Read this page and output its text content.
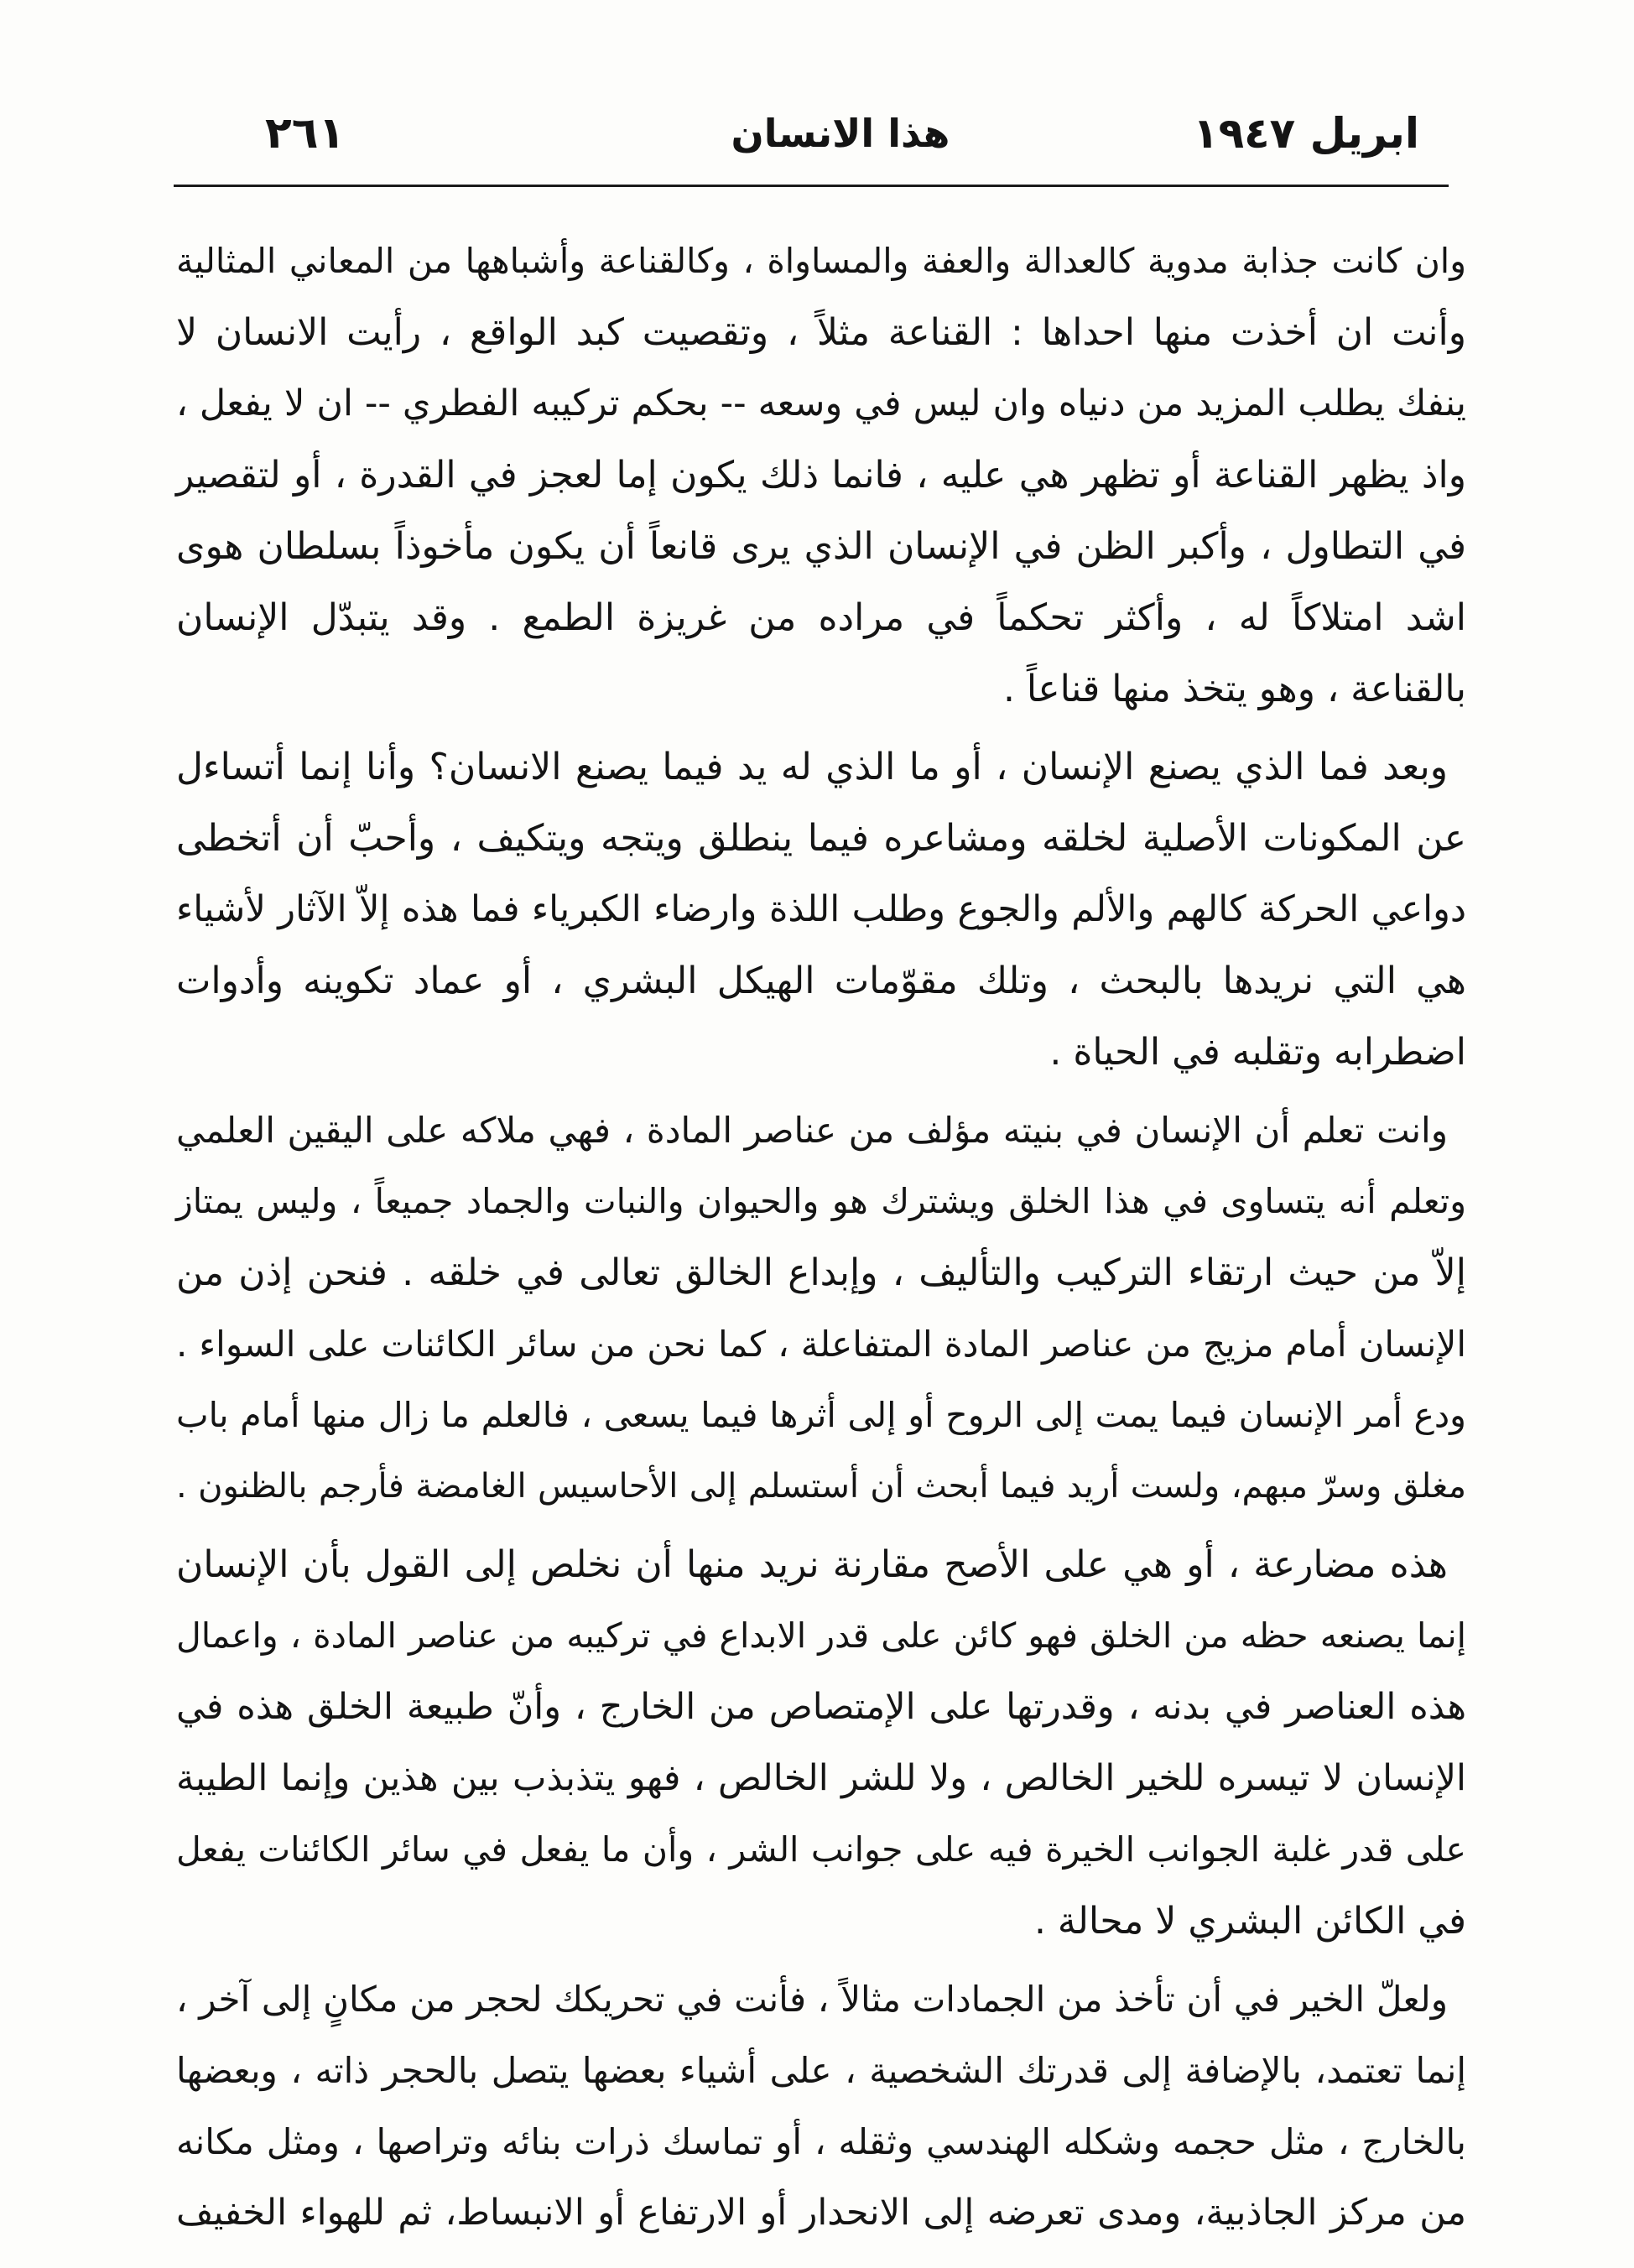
ابريل ١٩٤٧
هذا الانسان
٢٦١
وان كانت جذابة مدوية كالعدالة والعفة والمساواة ، وكالقناعة وأشباهها من المعاني المثالية
وأنت ان أخذت منها احداها : القناعة مثلاً ، وتقصيت كبد الواقع ، رأيت الانسان لا
ينفك يطلب المزيد من دنياه وان ليس في وسعه -- بحكم تركيبه الفطري -- ان لا يفعل ،
واذ يظهر القناعة أو تظهر هي عليه ، فانما ذلك يكون إما لعجز في القدرة ، أو لتقصير
في التطاول ، وأكبر الظن في الإنسان الذي يرى قانعاً أن يكون مأخوذاً بسلطان هوى
اشد امتلاكاً له ، وأكثر تحكماً في مراده من غريزة الطمع . وقد يتبدّل الإنسان
بالقناعة ، وهو يتخذ منها قناعاً .
وبعد فما الذي يصنع الإنسان ، أو ما الذي له يد فيما يصنع الانسان؟ وأنا إنما أتساءل
عن المكونات الأصلية لخلقه ومشاعره فيما ينطلق ويتجه ويتكيف ، وأحبّ أن أتخطى
دواعي الحركة كالهم والألم والجوع وطلب اللذة وارضاء الكبرياء فما هذه إلاّ الآثار لأشياء
هي التي نريدها بالبحث ، وتلك مقوّمات الهيكل البشري ، أو عماد تكوينه وأدوات
اضطرابه وتقلبه في الحياة .
وانت تعلم أن الإنسان في بنيته مؤلف من عناصر المادة ، فهي ملاكه على اليقين العلمي
وتعلم أنه يتساوى في هذا الخلق ويشترك هو والحيوان والنبات والجماد جميعاً ، وليس يمتاز
إلاّ من حيث ارتقاء التركيب والتأليف ، وإبداع الخالق تعالى في خلقه . فنحن إذن من
الإنسان أمام مزيج من عناصر المادة المتفاعلة ، كما نحن من سائر الكائنات على السواء .
ودع أمر الإنسان فيما يمت إلى الروح أو إلى أثرها فيما يسعى ، فالعلم ما زال منها أمام باب
مغلق وسرّ مبهم، ولست أريد فيما أبحث أن أستسلم إلى الأحاسيس الغامضة فأرجم بالظنون .
هذه مضارعة ، أو هي على الأصح مقارنة نريد منها أن نخلص إلى القول بأن الإنسان
إنما يصنعه حظه من الخلق فهو كائن على قدر الابداع في تركيبه من عناصر المادة ، واعمال
هذه العناصر في بدنه ، وقدرتها على الإمتصاص من الخارج ، وأنّ طبيعة الخلق هذه في
الإنسان لا تيسره للخير الخالص ، ولا للشر الخالص ، فهو يتذبذب بين هذين وإنما الطيبة
على قدر غلبة الجوانب الخيرة فيه على جوانب الشر ، وأن ما يفعل في سائر الكائنات يفعل
في الكائن البشري لا محالة .
ولعلّ الخير في أن تأخذ من الجمادات مثالاً ، فأنت في تحريكك لحجر من مكانٍ إلى آخر ،
إنما تعتمد، بالإضافة إلى قدرتك الشخصية ، على أشياء بعضها يتصل بالحجر ذاته ، وبعضها
بالخارج ، مثل حجمه وشكله الهندسي وثقله ، أو تماسك ذرات بنائه وتراصها ، ومثل مكانه
من مركز الجاذبية، ومدى تعرضه إلى الانحدار أو الارتفاع أو الانبساط، ثم للهواء الخفيف
